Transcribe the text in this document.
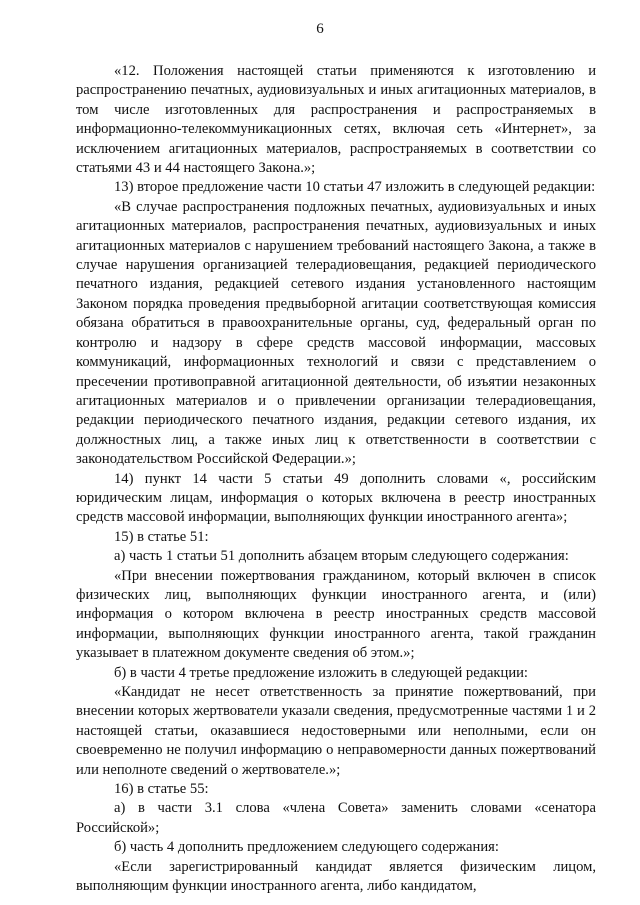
6

«12. Положения настоящей статьи применяются к изготовлению и распространению печатных, аудиовизуальных и иных агитационных материалов, в том числе изготовленных для распространения и распространяемых в информационно-телекоммуникационных сетях, включая сеть «Интернет», за исключением агитационных материалов, распространяемых в соответствии со статьями 43 и 44 настоящего Закона.»;

13) второе предложение части 10 статьи 47 изложить в следующей редакции:

«В случае распространения подложных печатных, аудиовизуальных и иных агитационных материалов, распространения печатных, аудиовизуальных и иных агитационных материалов с нарушением требований настоящего Закона, а также в случае нарушения организацией телерадиовещания, редакцией периодического печатного издания, редакцией сетевого издания установленного настоящим Законом порядка проведения предвыборной агитации соответствующая комиссия обязана обратиться в правоохранительные органы, суд, федеральный орган по контролю и надзору в сфере средств массовой информации, массовых коммуникаций, информационных технологий и связи с представлением о пресечении противоправной агитационной деятельности, об изъятии незаконных агитационных материалов и о привлечении организации телерадиовещания, редакции периодического печатного издания, редакции сетевого издания, их должностных лиц, а также иных лиц к ответственности в соответствии с законодательством Российской Федерации.»;

14) пункт 14 части 5 статьи 49 дополнить словами «, российским юридическим лицам, информация о которых включена в реестр иностранных средств массовой информации, выполняющих функции иностранного агента»;

15) в статье 51:

а) часть 1 статьи 51 дополнить абзацем вторым следующего содержания:

«При внесении пожертвования гражданином, который включен в список физических лиц, выполняющих функции иностранного агента, и (или) информация о котором включена в реестр иностранных средств массовой информации, выполняющих функции иностранного агента, такой гражданин указывает в платежном документе сведения об этом.»;

б) в части 4 третье предложение изложить в следующей редакции:

«Кандидат не несет ответственность за принятие пожертвований, при внесении которых жертвователи указали сведения, предусмотренные частями 1 и 2 настоящей статьи, оказавшиеся недостоверными или неполными, если он своевременно не получил информацию о неправомерности данных пожертвований или неполноте сведений о жертвователе.»;

16) в статье 55:

а) в части 3.1 слова «члена Совета» заменить словами «сенатора Российской»;

б) часть 4 дополнить предложением следующего содержания:

«Если зарегистрированный кандидат является физическим лицом, выполняющим функции иностранного агента, либо кандидатом,
